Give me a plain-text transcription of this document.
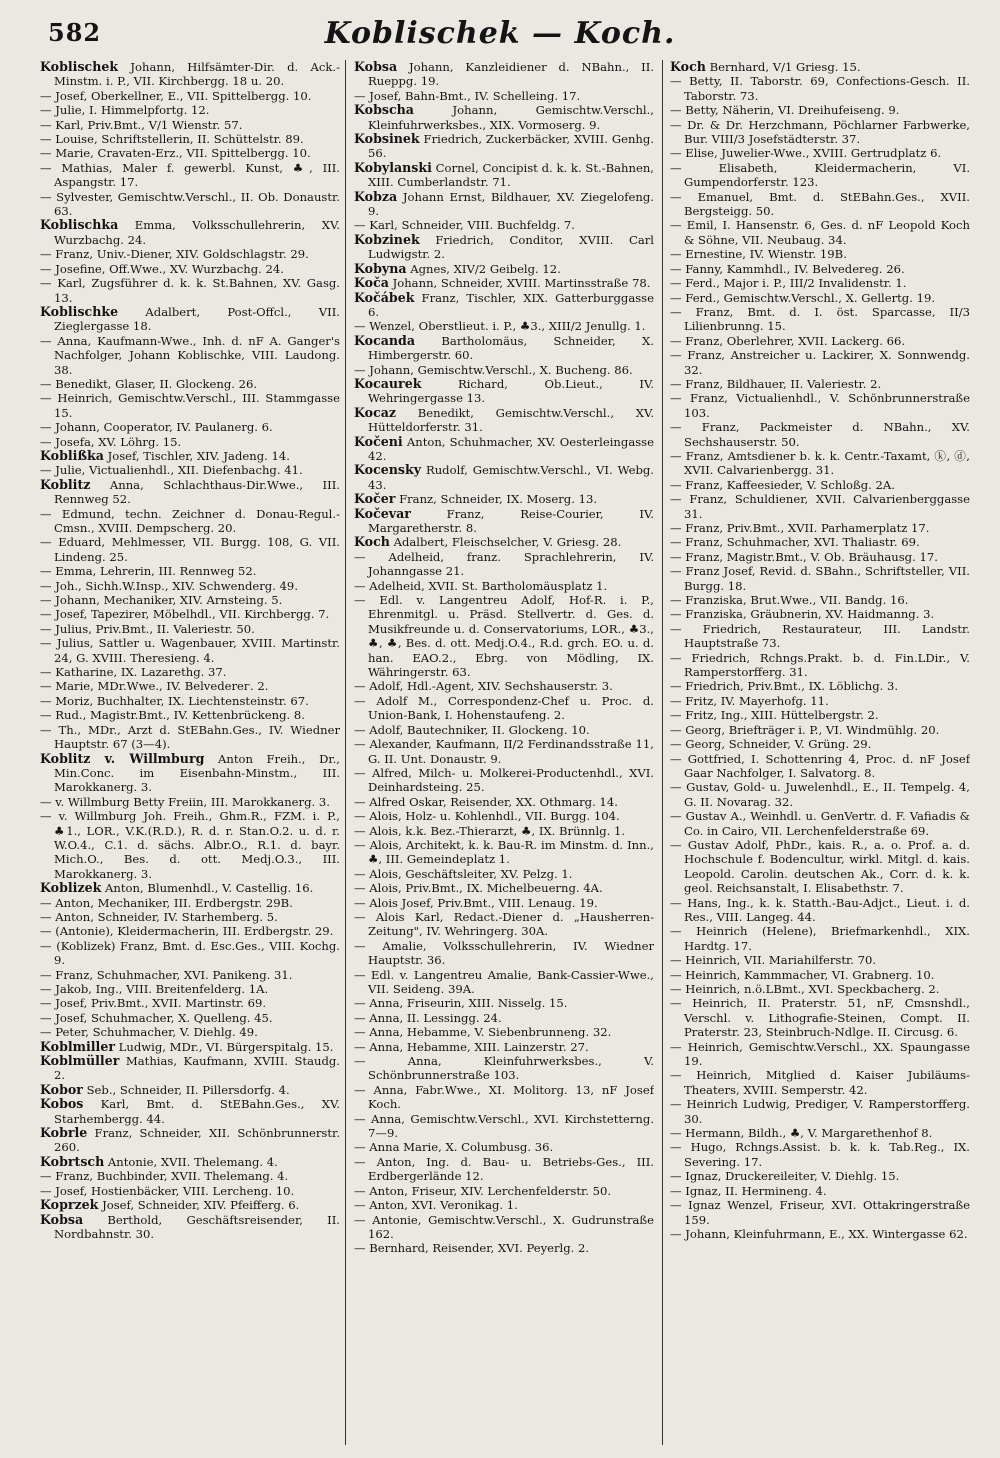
582	Koblischek — Koch.

Koblischek Johann, Hilfsämter-Dir. d. Ack.-Minstm. i. P., VII. Kirchbergg. 18 u. 20.

— Josef, Oberkellner, E., VII. Spittelbergg. 10.

— Julie, I. Himmelpfortg. 12.

— Karl, Priv.Bmt., V/1 Wienstr. 57.

— Louise, Schriftstellerin, II. Schüttelstr. 89.

— Marie, Cravaten-Erz., VII. Spittelbergg. 10.

— Mathias, Maler f. gewerbl. Kunst, ♣, III. Aspangstr. 17.

— Sylvester, Gemischtw.Verschl., II. Ob. Donaustr. 63.

Koblischka Emma, Volksschullehrerin, XV. Wurzbachg. 24.

— Franz, Univ.-Diener, XIV. Goldschlagstr. 29.

— Josefine, Off.Wwe., XV. Wurzbachg. 24.

— Karl, Zugsführer d. k. k. St.Bahnen, XV. Gasg. 13.

Koblischke Adalbert, Post-Offcl., VII. Zieglergasse 18.

— Anna, Kaufmann-Wwe., Inh. d. nF A. Ganger's Nachfolger, Johann Koblischke, VIII. Laudong. 38.

— Benedikt, Glaser, II. Glockeng. 26.

— Heinrich, Gemischtw.Verschl., III. Stammgasse 15.

— Johann, Cooperator, IV. Paulanerg. 6.

— Josefa, XV. Löhrg. 15.

Koblißka Josef, Tischler, XIV. Jadeng. 14.

— Julie, Victualienhdl., XII. Diefenbachg. 41.

Koblitz Anna, Schlachthaus-Dir.Wwe., III. Rennweg 52.

— Edmund, techn. Zeichner d. Donau-Regul.-Cmsn., XVIII. Dempscherg. 20.

— Eduard, Mehlmesser, VII. Burgg. 108, G. VII. Lindeng. 25.

— Emma, Lehrerin, III. Rennweg 52.

— Joh., Sichh.W.Insp., XIV. Schwenderg. 49.

— Johann, Mechaniker, XIV. Arnsteing. 5.

— Josef, Tapezirer, Möbelhdl., VII. Kirchbergg. 7.

— Julius, Priv.Bmt., II. Valeriestr. 50.

— Julius, Sattler u. Wagenbauer, XVIII. Martinstr. 24, G. XVIII. Theresieng. 4.

— Katharine, IX. Lazarethg. 37.

— Marie, MDr.Wwe., IV. Belvederег. 2.

— Moriz, Buchhalter, IX. Liechtensteinstr. 67.

— Rud., Magistr.Bmt., IV. Kettenbrückeng. 8.

— Th., MDr., Arzt d. StEBahn.Ges., IV. Wiedner Hauptstr. 67 (3—4).

Koblitz v. Willmburg Anton Freih., Dr., Min.Conc. im Eisenbahn-Minstm., III. Marokkanerg. 3.

— v. Willmburg Betty Freiin, III. Marokkanerg. 3.

— v. Willmburg Joh. Freih., Ghm.R., FZM. i. P., ♣1., LOR., V.K.(R.D.), R. d. r. Stan.O.2. u. d. r. W.O.4., C.1. d. sächs. Albr.O., R.1. d. bayr. Mich.O., Bes. d. ott. Medj.O.3., III. Marokkanerg. 3.

Koblizek Anton, Blumenhdl., V. Castellig. 16.

— Anton, Mechaniker, III. Erdbergstr. 29B.

— Anton, Schneider, IV. Starhemberg. 5.

— (Antonie), Kleidermacherin, III. Erdbergstr. 29.

— (Koblizek) Franz, Bmt. d. Esc.Ges., VIII. Kochg. 9.

— Franz, Schuhmacher, XVI. Panikeng. 31.

— Jakob, Ing., VIII. Breitenfelderg. 1A.

— Josef, Priv.Bmt., XVII. Martinstr. 69.

— Josef, Schuhmacher, X. Quelleng. 45.

— Peter, Schuhmacher, V. Diehlg. 49.

Koblmiller Ludwig, MDr., VI. Bürgerspitalg. 15.

Koblmüller Mathias, Kaufmann, XVIII. Staudg. 2.

Kobor Seb., Schneider, II. Pillersdorfg. 4.

Kobos Karl, Bmt. d. StEBahn.Ges., XV. Starhembergg. 44.

Kobrle Franz, Schneider, XII. Schönbrunnerstr. 260.

Kobrtsch Antonie, XVII. Thelemang. 4.

— Franz, Buchbinder, XVII. Thelemang. 4.

— Josef, Hostienbäcker, VIII. Lercheng. 10.

Koprzek Josef, Schneider, XIV. Pfeifferg. 6.

Kobsa Berthold, Geschäftsreisender, II. Nordbahnstr. 30.

Kobsa Johann, Kanzleidiener d. NBahn., II. Rueppg. 19.

— Josef, Bahn-Bmt., IV. Schelleing. 17.

Kobscha Johann, Gemischtw.Verschl., Kleinfuhrwerksbes., XIX. Vormoserg. 9.

Kobsinek Friedrich, Zuckerbäcker, XVIII. Genhg. 56.

Kobylanski Cornel, Concipist d. k. k. St.-Bahnen, XIII. Cumberlandstr. 71.

Kobza Johann Ernst, Bildhauer, XV. Ziegelofeng. 9.

— Karl, Schneider, VIII. Buchfeldg. 7.

Kobzinek Friedrich, Conditor, XVIII. Carl Ludwigstr. 2.

Kobyna Agnes, XIV/2 Geibelg. 12.

Koča Johann, Schneider, XVIII. Martinsstraße 78.

Kočábek Franz, Tischler, XIX. Gatterburggasse 6.

— Wenzel, Oberstlieut. i. P., ♣3., XIII/2 Jenullg. 1.

Kocanda Bartholomäus, Schneider, X. Himbergerstr. 60.

— Johann, Gemischtw.Verschl., X. Bucheng. 86.

Kocaurek Richard, Ob.Lieut., IV. Wehringergasse 13.

Kocaz Benedikt, Gemischtw.Verschl., XV. Hütteldorferstr. 31.

Kočeni Anton, Schuhmacher, XV. Oesterleingasse 42.

Kocensky Rudolf, Gemischtw.Verschl., VI. Webg. 43.

Kočer Franz, Schneider, IX. Moserg. 13.

Kočevar Franz, Reise-Courier, IV. Margaretherstr. 8.

Koch Adalbert, Fleischselcher, V. Griesg. 28.

— Adelheid, franz. Sprachlehrerin, IV. Johanngasse 21.

— Adelheid, XVII. St. Bartholomäusplatz 1.

— Edl. v. Langentreu Adolf, Hof-R. i. P., Ehrenmitgl. u. Präsd. Stellvertr. d. Ges. d. Musikfreunde u. d. Conservatoriums, LOR., ♣3., ♣, ♣, Bes. d. ott. Medj.O.4., R.d. grch. EO. u. d. han. EAO.2., Ebrg. von Mödling, IX. Währingerstr. 63.

— Adolf, Hdl.-Agent, XIV. Sechshauserstr. 3.

— Adolf M., Correspondenz-Chef u. Proc. d. Union-Bank, I. Hohenstaufeng. 2.

— Adolf, Bautechniker, II. Glockeng. 10.

— Alexander, Kaufmann, II/2 Ferdinandsstraße 11, G. II. Unt. Donaustr. 9.

— Alfred, Milch- u. Molkerei-Productenhdl., XVI. Deinhardsteing. 25.

— Alfred Oskar, Reisender, XX. Othmarg. 14.

— Alois, Holz- u. Kohlenhdl., VII. Burgg. 104.

— Alois, k.k. Bez.-Thierarzt, ♣, IX. Brünnlg. 1.

— Alois, Architekt, k. k. Bau-R. im Minstm. d. Inn., ♣, III. Gemeindeplatz 1.

— Alois, Geschäftsleiter, XV. Pelzg. 1.

— Alois, Priv.Bmt., IX. Michelbeuerng. 4A.

— Alois Josef, Priv.Bmt., VIII. Lenaug. 19.

— Alois Karl, Redact.-Diener d. „Hausherren-Zeitung", IV. Wehringerg. 30A.

— Amalie, Volksschullehrerin, IV. Wiedner Hauptstr. 36.

— Edl. v. Langentreu Amalie, Bank-Cassier-Wwe., VII. Seideng. 39A.

— Anna, Friseurin, XIII. Nisselg. 15.

— Anna, II. Lessingg. 24.

— Anna, Hebamme, V. Siebenbrunneng. 32.

— Anna, Hebamme, XIII. Lainzerstr. 27.

— Anna, Kleinfuhrwerksbes., V. Schönbrunnerstraße 103.

— Anna, Fabr.Wwe., XI. Molitorg. 13, nF Josef Koch.

— Anna, Gemischtw.Verschl., XVI. Kirchstetterng. 7—9.

— Anna Marie, X. Columbusg. 36.

— Anton, Ing. d. Bau- u. Betriebs-Ges., III. Erdbergerlände 12.

— Anton, Friseur, XIV. Lerchenfelderstr. 50.

— Anton, XVI. Veronikag. 1.

— Antonie, Gemischtw.Verschl., X. Gudrunstraße 162.

— Bernhard, Reisender, XVI. Peyerlg. 2.

Koch Bernhard, V/1 Griesg. 15.

— Betty, II. Taborstr. 69, Confections-Gesch. II. Taborstr. 73.

— Betty, Näherin, VI. Dreihufeiseng. 9.

— Dr. & Dr. Herzchmann, Pöchlarner Farbwerke, Bur. VIII/3 Josefstädterstr. 37.

— Elise, Juwelier-Wwe., XVIII. Gertrudplatz 6.

— Elisabeth, Kleidermacherin, VI. Gumpendorferstr. 123.

— Emanuel, Bmt. d. StEBahn.Ges., XVII. Bergsteigg. 50.

— Emil, I. Hansenstr. 6, Ges. d. nF Leopold Koch & Söhne, VII. Neubaug. 34.

— Ernestine, IV. Wienstr. 19B.

— Fanny, Kammhdl., IV. Belvedereg. 26.

— Ferd., Major i. P., III/2 Invalidenstr. 1.

— Ferd., Gemischtw.Verschl., X. Gellertg. 19.

— Franz, Bmt. d. I. öst. Sparcasse, II/3 Lilienbrunng. 15.

— Franz, Oberlehrer, XVII. Lackerg. 66.

— Franz, Anstreicher u. Lackirer, X. Sonnwendg. 32.

— Franz, Bildhauer, II. Valeriestr. 2.

— Franz, Victualienhdl., V. Schönbrunnerstraße 103.

— Franz, Packmeister d. NBahn., XV. Sechshauserstr. 50.

— Franz, Amtsdiener b. k. k. Centr.-Taxamt, ⓚ, ⓓ, XVII. Calvarienbergg. 31.

— Franz, Kaffeesieder, V. Schloßg. 2A.

— Franz, Schuldiener, XVII. Calvarienberggasse 31.

— Franz, Priv.Bmt., XVII. Parhamerplatz 17.

— Franz, Schuhmacher, XVI. Thaliastr. 69.

— Franz, Magistr.Bmt., V. Ob. Bräuhausg. 17.

— Franz Josef, Revid. d. SBahn., Schriftsteller, VII. Burgg. 18.

— Franziska, Brut.Wwe., VII. Bandg. 16.

— Franziska, Gräubnerin, XV. Haidmanng. 3.

— Friedrich, Restaurateur, III. Landstr. Hauptstraße 73.

— Friedrich, Rchngs.Prakt. b. d. Fin.LDir., V. Ramperstorfferg. 31.

— Friedrich, Priv.Bmt., IX. Löblichg. 3.

— Fritz, IV. Mayerhofg. 11.

— Fritz, Ing., XIII. Hüttelbergstr. 2.

— Georg, Briefträger i. P., VI. Windmühlg. 20.

— Georg, Schneider, V. Grüng. 29.

— Gottfried, I. Schottenring 4, Proc. d. nF Josef Gaar Nachfolger, I. Salvatorg. 8.

— Gustav, Gold- u. Juwelenhdl., E., II. Tempelg. 4, G. II. Novarag. 32.

— Gustav A., Weinhdl. u. GenVertr. d. F. Vafiadis & Co. in Cairo, VII. Lerchenfelderstraße 69.

— Gustav Adolf, PhDr., kais. R., a. o. Prof. a. d. Hochschule f. Bodencultur, wirkl. Mitgl. d. kais. Leopold. Carolin. deutschen Ak., Corr. d. k. k. geol. Reichsanstalt, I. Elisabethstr. 7.

— Hans, Ing., k. k. Statth.-Bau-Adjct., Lieut. i. d. Res., VIII. Langeg. 44.

— Heinrich (Helene), Briefmarkenhdl., XIX. Hardtg. 17.

— Heinrich, VII. Mariahilferstr. 70.

— Heinrich, Kammmacher, VI. Grabnerg. 10.

— Heinrich, n.ö.LBmt., XVI. Speckbacherg. 2.

— Heinrich, II. Praterstr. 51, nF, Cmsnshdl., Verschl. v. Lithografie-Steinen, Compt. II. Praterstr. 23, Steinbruch-Ndlge. II. Circusg. 6.

— Heinrich, Gemischtw.Verschl., XX. Spaungasse 19.

— Heinrich, Mitglied d. Kaiser Jubiläums-Theaters, XVIII. Semperstr. 42.

— Heinrich Ludwig, Prediger, V. Ramperstorfferg. 30.

— Hermann, Bildh., ♣, V. Margarethenhof 8.

— Hugo, Rchngs.Assist. b. k. k. Tab.Reg., IX. Severing. 17.

— Ignaz, Druckereileiter, V. Diehlg. 15.

— Ignaz, II. Hermineng. 4.

— Ignaz Wenzel, Friseur, XVI. Ottakringerstraße 159.

— Johann, Kleinfuhrmann, E., XX. Wintergasse 62.
